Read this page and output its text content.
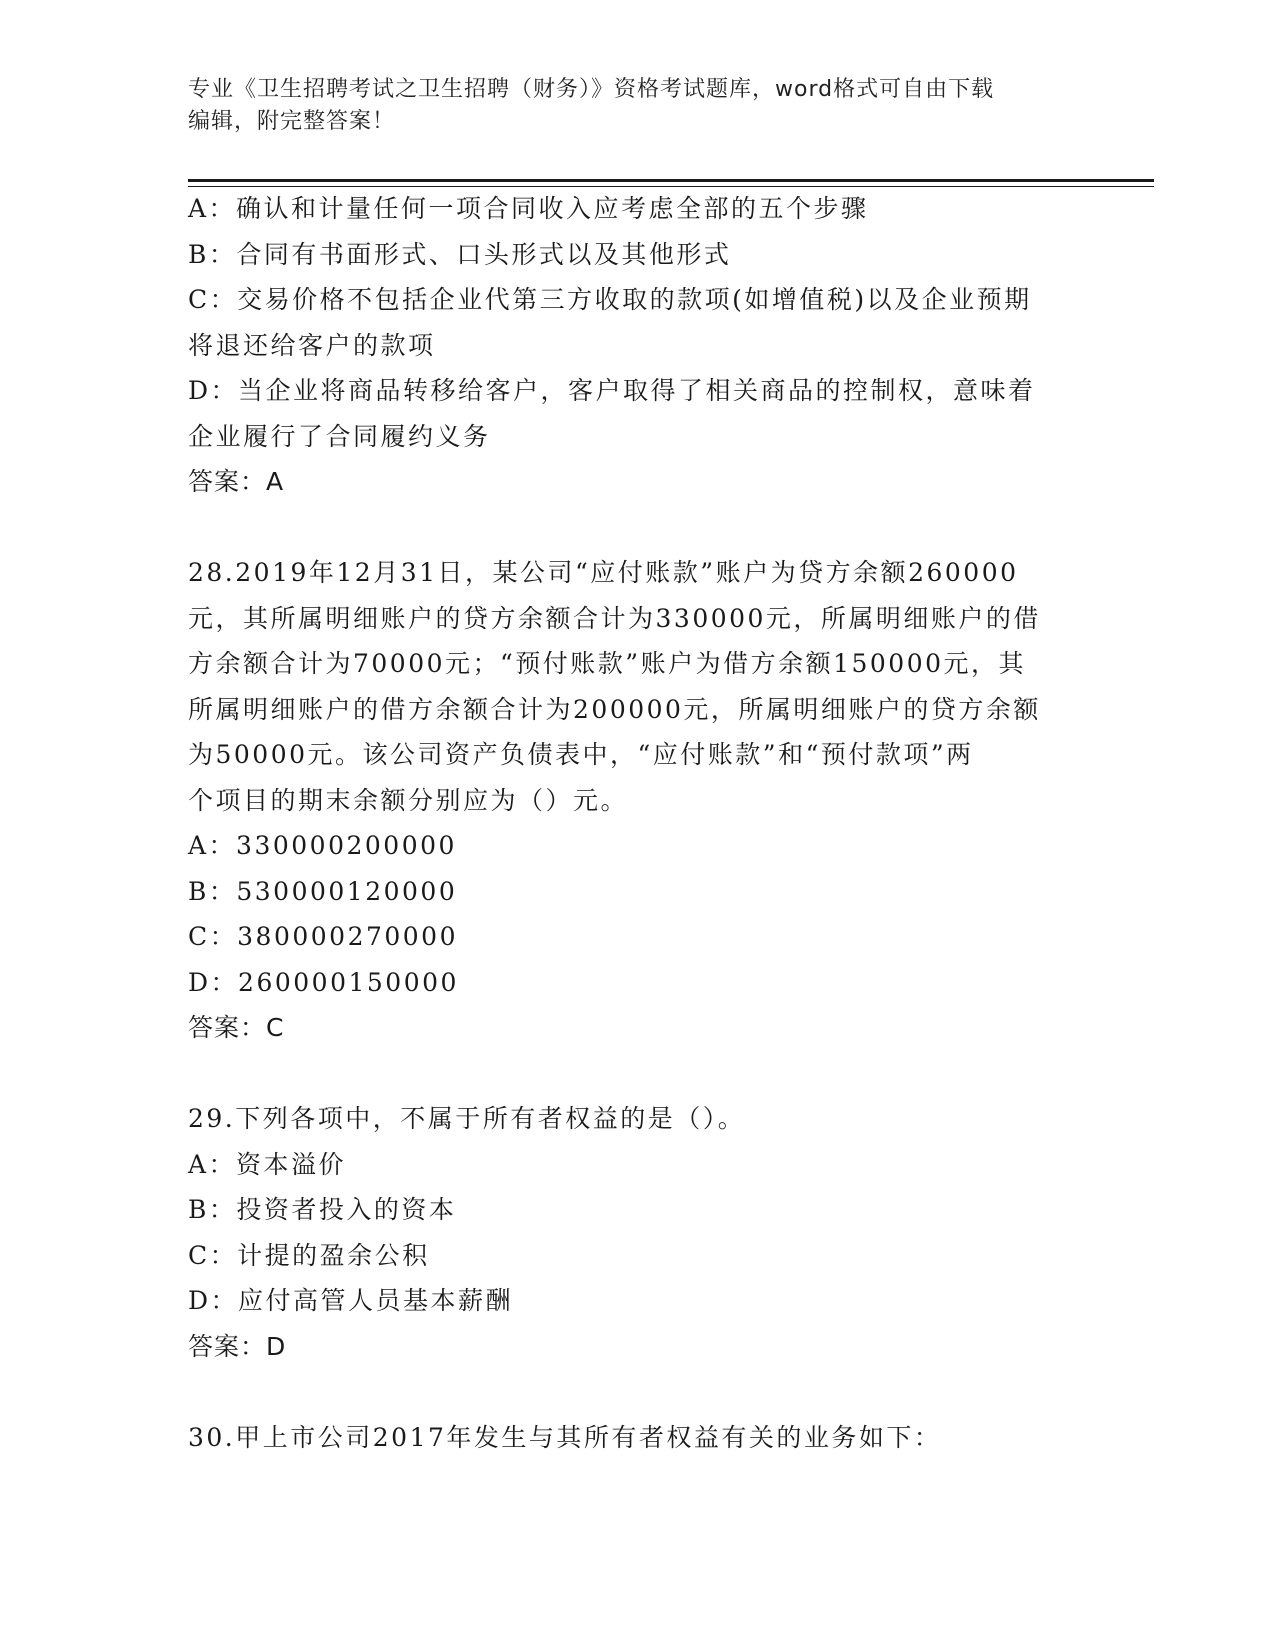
专业《卫生招聘考试之卫生招聘（财务）》资格考试题库，word格式可自由下载
编辑，附完整答案！
A：确认和计量任何一项合同收入应考虑全部的五个步骤
B：合同有书面形式、口头形式以及其他形式
C：交易价格不包括企业代第三方收取的款项(如增值税)以及企业预期
将退还给客户的款项
D：当企业将商品转移给客户，客户取得了相关商品的控制权，意味着
企业履行了合同履约义务
答案：A
28.2019年12月31日，某公司“应付账款”账户为贷方余额260000
元，其所属明细账户的贷方余额合计为330000元，所属明细账户的借
方余额合计为70000元；“预付账款”账户为借方余额150000元，其
所属明细账户的借方余额合计为200000元，所属明细账户的贷方余额
为50000元。该公司资产负债表中，“应付账款”和“预付款项”两
个项目的期末余额分别应为（）元。
A：330000200000
B：530000120000
C：380000270000
D：260000150000
答案：C
29.下列各项中，不属于所有者权益的是（）。
A：资本溢价
B：投资者投入的资本
C：计提的盈余公积
D：应付高管人员基本薪酬
答案：D
30.甲上市公司2017年发生与其所有者权益有关的业务如下：
